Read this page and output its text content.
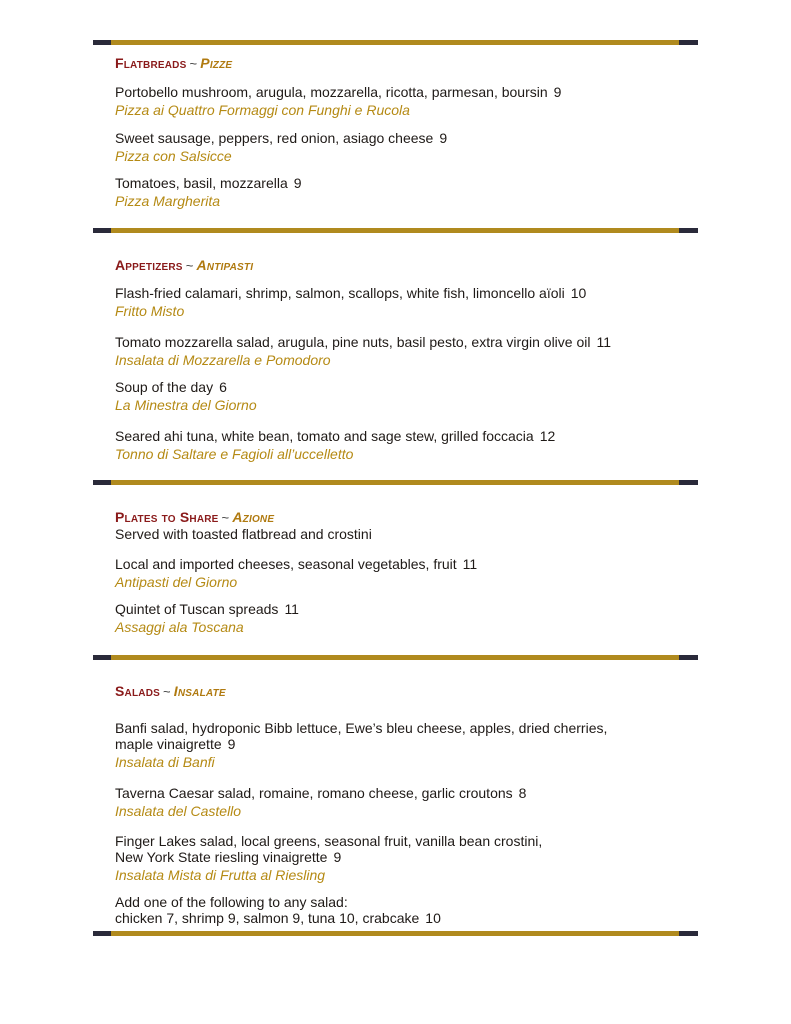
Flatbreads ~ Pizze
Portobello mushroom, arugula, mozzarella, ricotta, parmesan, boursin 9
Pizza ai Quattro Formaggi con Funghi e Rucola
Sweet sausage, peppers, red onion, asiago cheese 9
Pizza con Salsicce
Tomatoes, basil, mozzarella 9
Pizza Margherita
Appetizers ~ Antipasti
Flash-fried calamari, shrimp, salmon, scallops, white fish, limoncello aïoli 10
Fritto Misto
Tomato mozzarella salad, arugula, pine nuts, basil pesto, extra virgin olive oil 11
Insalata di Mozzarella e Pomodoro
Soup of the day 6
La Minestra del Giorno
Seared ahi tuna, white bean, tomato and sage stew, grilled foccacia 12
Tonno di Saltare e Fagioli all’uccelletto
Plates to Share ~ Azione
Served with toasted flatbread and crostini
Local and imported cheeses, seasonal vegetables, fruit 11
Antipasti del Giorno
Quintet of Tuscan spreads 11
Assaggi ala Toscana
Salads ~ Insalate
Banfi salad, hydroponic Bibb lettuce, Ewe’s bleu cheese, apples, dried cherries,
maple vinaigrette 9
Insalata di Banfi
Taverna Caesar salad, romaine, romano cheese, garlic croutons 8
Insalata del Castello
Finger Lakes salad, local greens, seasonal fruit, vanilla bean crostini,
New York State riesling vinaigrette 9
Insalata Mista di Frutta al Riesling
Add one of the following to any salad:
chicken 7, shrimp 9, salmon 9, tuna 10, crabcake 10
